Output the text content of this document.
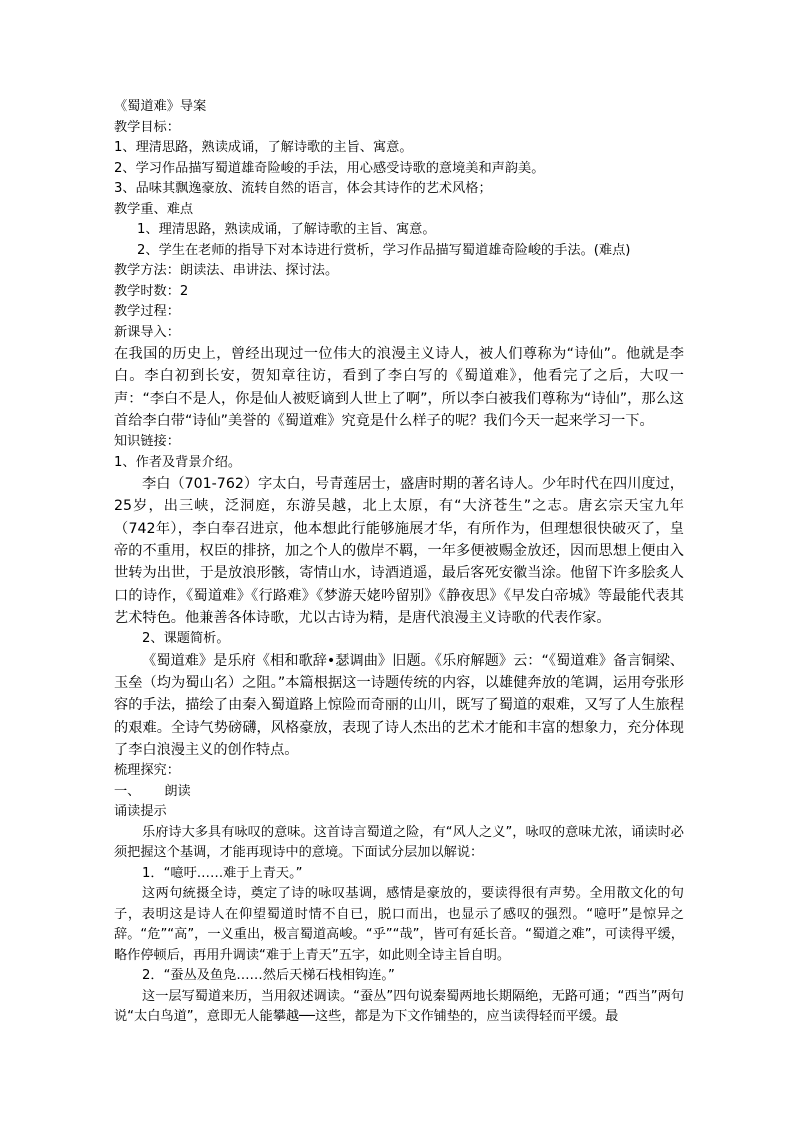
《蜀道难》导案
教学目标：
1、理清思路，熟读成诵，了解诗歌的主旨、寓意。
2、学习作品描写蜀道雄奇险峻的手法，用心感受诗歌的意境美和声韵美。
3、品味其飘逸豪放、流转自然的语言，体会其诗作的艺术风格；
教学重、难点
1、理清思路，熟读成诵，了解诗歌的主旨、寓意。
2、学生在老师的指导下对本诗进行赏析，学习作品描写蜀道雄奇险峻的手法。(难点)
教学方法：朗读法、串讲法、探讨法。
教学时数：2
教学过程：
新课导入：
在我国的历史上，曾经出现过一位伟大的浪漫主义诗人，被人们尊称为“诗仙”。他就是李白。李白初到长安，贺知章往访，看到了李白写的《蜀道难》，他看完了之后，大叹一声：“李白不是人，你是仙人被贬谪到人世上了啊”，所以李白被我们尊称为“诗仙”，那么这首给李白带“诗仙”美誉的《蜀道难》究竟是什么样子的呢？我们今天一起来学习一下。
知识链接：
1、作者及背景介绍。
李白（701-762）字太白，号青莲居士，盛唐时期的著名诗人。少年时代在四川度过，25岁，出三峡，泛洞庭，东游吴越，北上太原，有“大济苍生”之志。唐玄宗天宝九年（742年），李白奉召进京，他本想此行能够施展才华，有所作为，但理想很快破灭了，皇帝的不重用，权臣的排挤，加之个人的傲岸不羁，一年多便被赐金放还，因而思想上便由入世转为出世，于是放浪形骸，寄情山水，诗酒逍遥，最后客死安徽当涂。他留下许多脍炙人口的诗作，《蜀道难》《行路难》《梦游天姥吟留别》《静夜思》《早发白帝城》等最能代表其艺术特色。他兼善各体诗歌，尤以古诗为精，是唐代浪漫主义诗歌的代表作家。
2、课题简析。
《蜀道难》是乐府《相和歌辞•瑟调曲》旧题。《乐府解题》云：“《蜀道难》备言铜梁、玉垒（均为蜀山名）之阻。”本篇根据这一诗题传统的内容，以雄健奔放的笔调，运用夸张形容的手法，描绘了由秦入蜀道路上惊险而奇丽的山川，既写了蜀道的艰难，又写了人生旅程的艰难。全诗气势磅礴，风格豪放，表现了诗人杰出的艺术才能和丰富的想象力，充分体现了李白浪漫主义的创作特点。
梳理探究：
一、 朗读
诵读提示
乐府诗大多具有咏叹的意味。这首诗言蜀道之险，有“风人之义”，咏叹的意味尤浓，诵读时必须把握这个基调，才能再现诗中的意境。下面试分层加以解说：
1．“噫吁……难于上青天。”
这两句統摄全诗，奠定了诗的咏叹基调，感情是豪放的，要读得很有声势。全用散文化的句子，表明这是诗人在仰望蜀道时情不自已，脱口而出，也显示了感叹的强烈。“噫吁”是惊异之辞。“危”“高”，一义重出，极言蜀道高峻。“乎”“哉”，皆可有延长音。“蜀道之难”，可读得平缓，略作停顿后，再用升调读“难于上青天”五字，如此则全诗主旨自明。
2．“蚕丛及鱼凫……然后天梯石栈相钩连。”
这一层写蜀道来历，当用叙述调读。“蚕丛”四句说秦蜀两地长期隔绝，无路可通；“西当”两句说“太白鸟道”，意即无人能攀越──这些，都是为下文作铺垫的，应当读得轻而平缓。最
